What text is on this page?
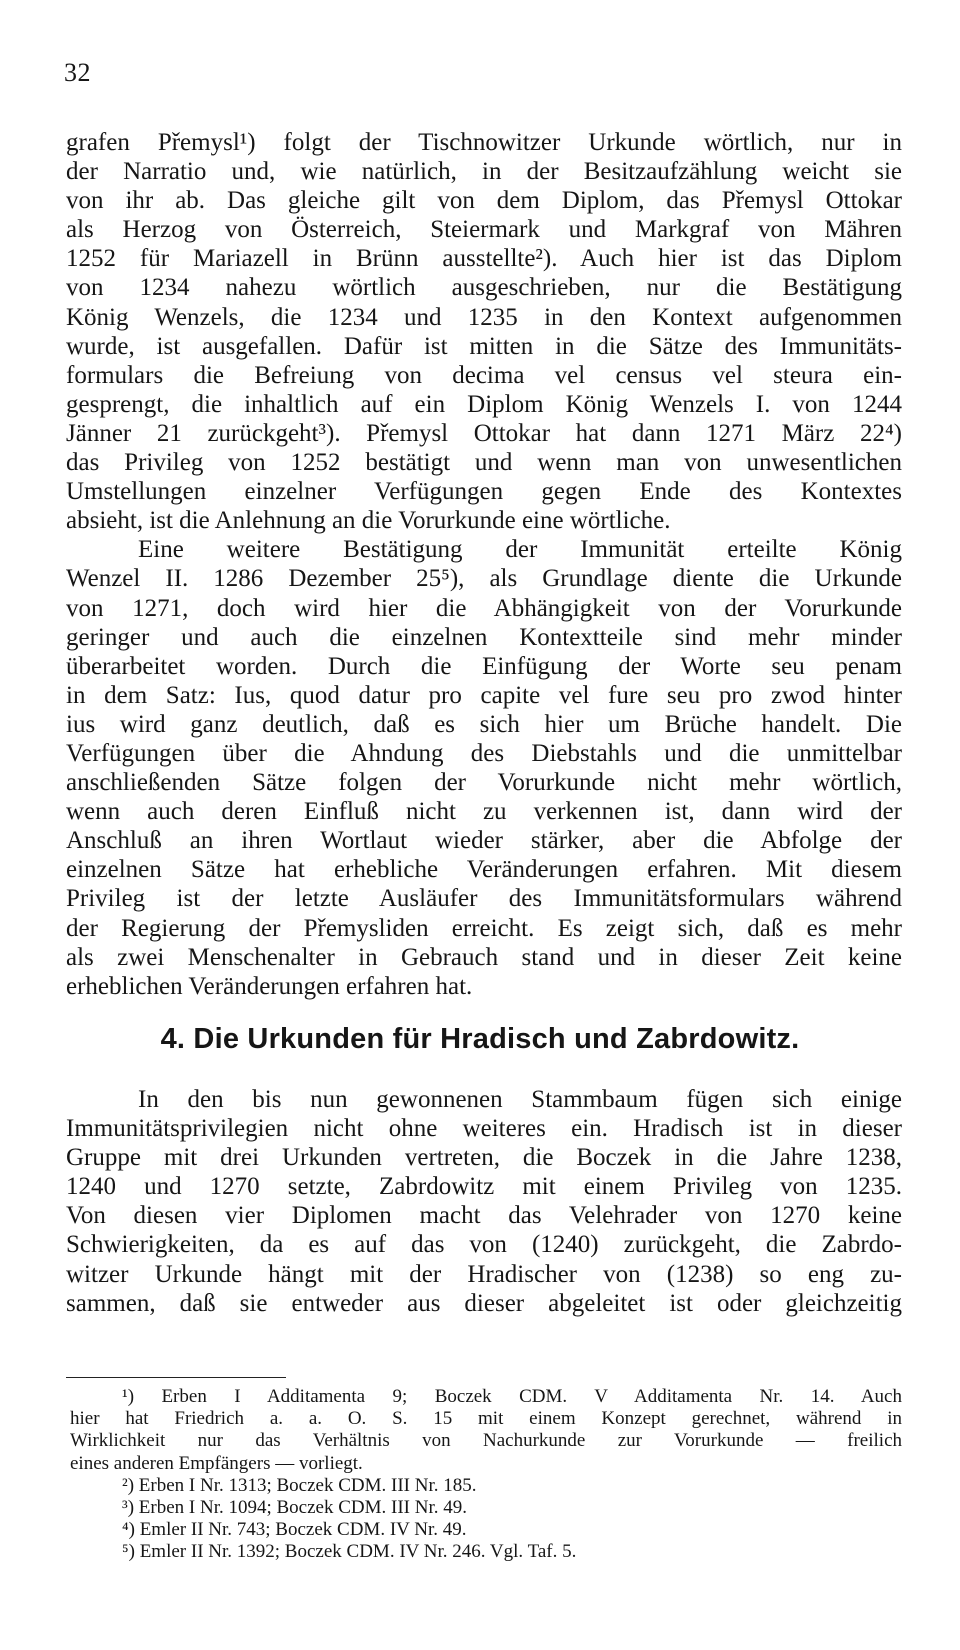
32
grafen Přemysl¹) folgt der Tischnowitzer Urkunde wörtlich, nur in
der Narratio und, wie natürlich, in der Besitzaufzählung weicht sie
von ihr ab. Das gleiche gilt von dem Diplom, das Přemysl Ottokar
als Herzog von Österreich, Steiermark und Markgraf von Mähren
1252 für Mariazell in Brünn ausstellte²). Auch hier ist das Diplom
von 1234 nahezu wörtlich ausgeschrieben, nur die Bestätigung
König Wenzels, die 1234 und 1235 in den Kontext aufgenommen
wurde, ist ausgefallen. Dafür ist mitten in die Sätze des Immunitäts-
formulars die Befreiung von decima vel census vel steura ein-
gesprengt, die inhaltlich auf ein Diplom König Wenzels I. von 1244
Jänner 21 zurückgeht³). Přemysl Ottokar hat dann 1271 März 22⁴)
das Privileg von 1252 bestätigt und wenn man von unwesentlichen
Umstellungen einzelner Verfügungen gegen Ende des Kontextes
absieht, ist die Anlehnung an die Vorurkunde eine wörtliche.
Eine weitere Bestätigung der Immunität erteilte König
Wenzel II. 1286 Dezember 25⁵), als Grundlage diente die Urkunde
von 1271, doch wird hier die Abhängigkeit von der Vorurkunde
geringer und auch die einzelnen Kontextteile sind mehr minder
überarbeitet worden. Durch die Einfügung der Worte seu penam
in dem Satz: Ius, quod datur pro capite vel fure seu pro zwod hinter
ius wird ganz deutlich, daß es sich hier um Brüche handelt. Die
Verfügungen über die Ahndung des Diebstahls und die unmittelbar
anschließenden Sätze folgen der Vorurkunde nicht mehr wörtlich,
wenn auch deren Einfluß nicht zu verkennen ist, dann wird der
Anschluß an ihren Wortlaut wieder stärker, aber die Abfolge der
einzelnen Sätze hat erhebliche Veränderungen erfahren. Mit diesem
Privileg ist der letzte Ausläufer des Immunitätsformulars während
der Regierung der Přemysliden erreicht. Es zeigt sich, daß es mehr
als zwei Menschenalter in Gebrauch stand und in dieser Zeit keine
erheblichen Veränderungen erfahren hat.
4. Die Urkunden für Hradisch und Zabrdowitz.
In den bis nun gewonnenen Stammbaum fügen sich einige
Immunitätsprivilegien nicht ohne weiteres ein. Hradisch ist in dieser
Gruppe mit drei Urkunden vertreten, die Boczek in die Jahre 1238,
1240 und 1270 setzte, Zabrdowitz mit einem Privileg von 1235.
Von diesen vier Diplomen macht das Velehrader von 1270 keine
Schwierigkeiten, da es auf das von (1240) zurückgeht, die Zabrdo-
witzer Urkunde hängt mit der Hradischer von (1238) so eng zu-
sammen, daß sie entweder aus dieser abgeleitet ist oder gleichzeitig
¹) Erben I Additamenta 9; Boczek CDM. V Additamenta Nr. 14. Auch
hier hat Friedrich a. a. O. S. 15 mit einem Konzept gerechnet, während in
Wirklichkeit nur das Verhältnis von Nachurkunde zur Vorurkunde — freilich
eines anderen Empfängers — vorliegt.
²) Erben I Nr. 1313; Boczek CDM. III Nr. 185.
³) Erben I Nr. 1094; Boczek CDM. III Nr. 49.
⁴) Emler II Nr. 743; Boczek CDM. IV Nr. 49.
⁵) Emler II Nr. 1392; Boczek CDM. IV Nr. 246. Vgl. Taf. 5.
